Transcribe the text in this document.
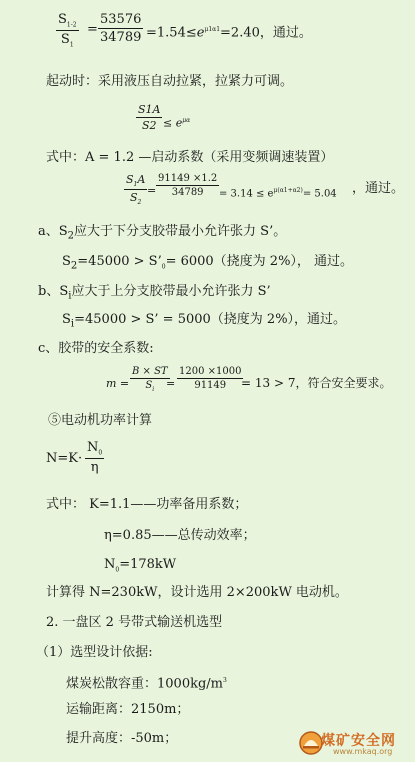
$\frac{S_{1-2}}{S_1} = \frac{53576}{34789} =1.54\le e^{\mu 1\alpha 1}=2.40$，通过。
起动时：采用液压自动拉紧，拉紧力可调。
$\frac{S1A}{S2} \le e^{\mu\alpha}$
式中：A = 1.2 —启动系数（采用变频调速装置）
$\frac{S_1A}{S_2} = \frac{91149 \times 1.2}{34789} = 3.14 \le e^{\mu(\alpha 1+\alpha 2)}= 5.04$ ，通过。
a、$S_2$应大于下分支胶带最小允许张力 S’。
$S_2=45000$ > $S’_0= 6000$（挠度为 2%）， 通过。
b、$S_i$应大于上分支胶带最小允许张力 S’
$S_i=45000 > S$’ = 5000（挠度为 2%），通过。
c、胶带的安全系数:
$m = \frac{B \times ST}{S_i}$
= $\frac{1200 \times 1000}{91149}$
= 13 > 7，符合安全要求。
⑤电动机功率计算
$N=K\cdot \frac{N_0}{\eta}$
式中： K=1.1——功率备用系数；
η=0.85——总传动效率；
$N_0=178kW$
计算得 N=230kW，设计选用 2×200kW 电动机。
2. 一盘区 2 号带式输送机选型
（1）选型设计依据:
煤炭松散容重：$1000kg/m^3$
运输距离：2150m；
提升高度：-50m；	煤矿安全网
www.mkaq.org
